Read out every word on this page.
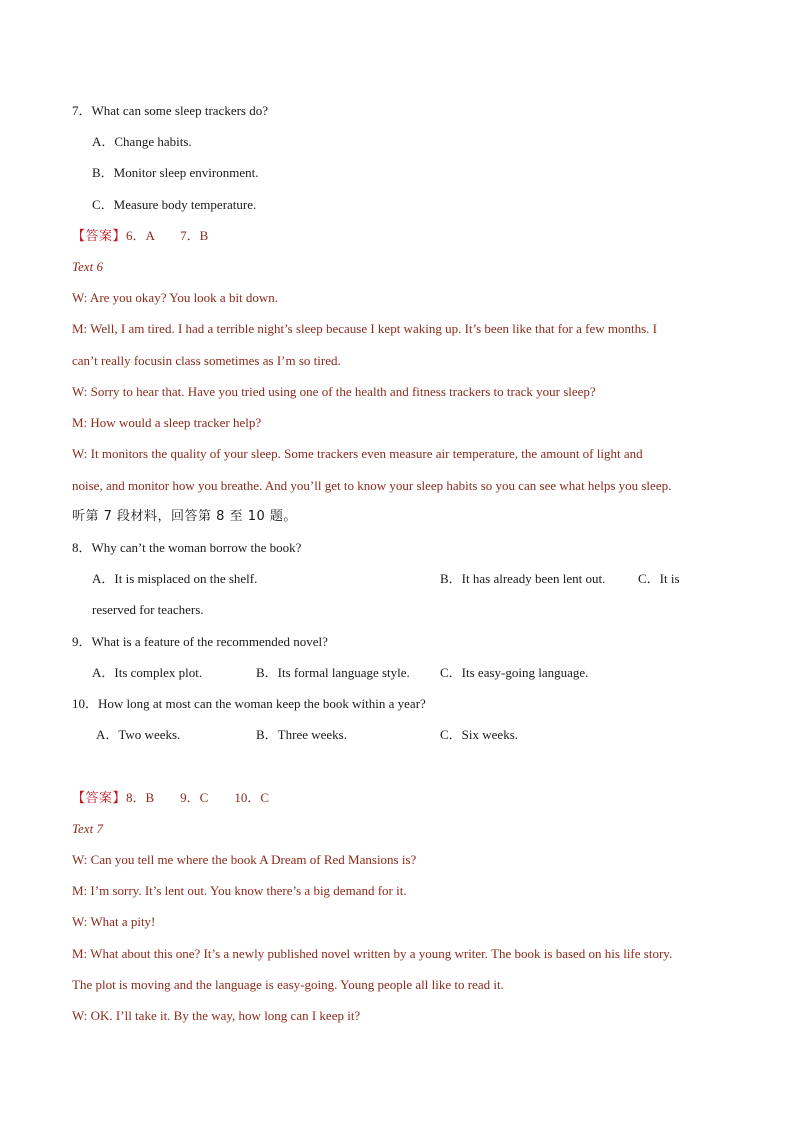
7．What can some sleep trackers do?
A．Change habits.
B．Monitor sleep environment.
C．Measure body temperature.
【答案】6．A　　7．B
Text 6
W: Are you okay? You look a bit down.
M: Well, I am tired. I had a terrible night’s sleep because I kept waking up. It’s been like that for a few months. I
can’t really focusin class sometimes as I’m so tired.
W: Sorry to hear that. Have you tried using one of the health and fitness trackers to track your sleep?
M: How would a sleep tracker help?
W: It monitors the quality of your sleep. Some trackers even measure air temperature, the amount of light and
noise, and monitor how you breathe. And you’ll get to know your sleep habits so you can see what helps you sleep.
听第 7 段材料，回答第 8 至 10 题。
8．Why can’t the woman borrow the book?
A．It is misplaced on the shelf.	B．It has already been lent out.	C．It is
reserved for teachers.
9．What is a feature of the recommended novel?
A．Its complex plot.	B．Its formal language style. C．Its easy-going language.
10．How long at most can the woman keep the book within a year?
A．Two weeks.	B．Three weeks.	C．Six weeks.
【答案】8．B　　9．C　　10．C
Text 7
W: Can you tell me where the book A Dream of Red Mansions is?
M: I’m sorry. It’s lent out. You know there’s a big demand for it.
W: What a pity!
M: What about this one? It’s a newly published novel written by a young writer. The book is based on his life story.
The plot is moving and the language is easy-going. Young people all like to read it.
W: OK. I’ll take it. By the way, how long can I keep it?
